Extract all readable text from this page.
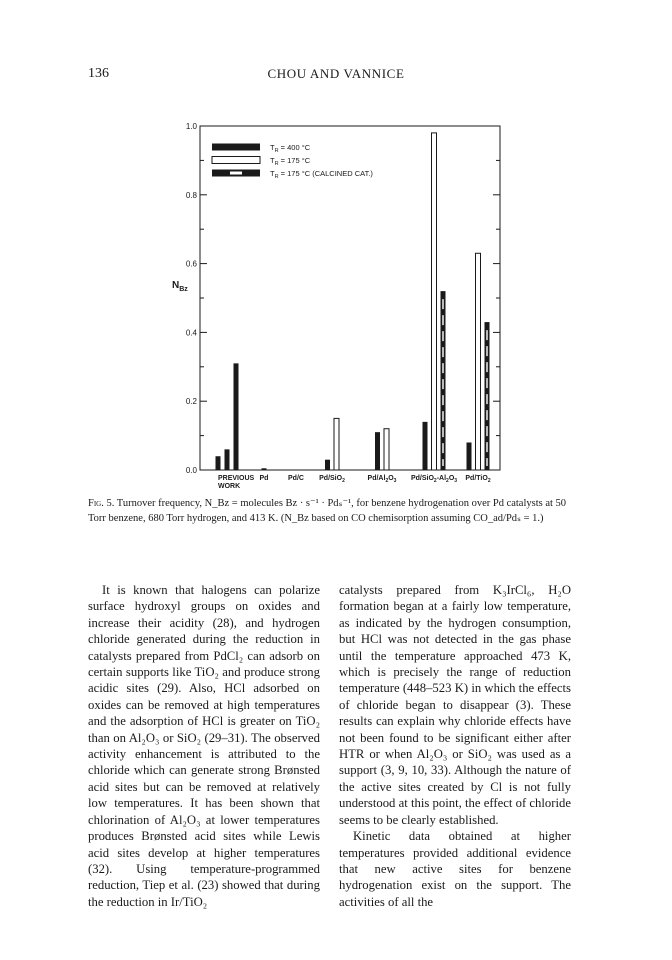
136	CHOU AND VANNICE
1.0
0.8
0.6
0.4
0.2
0.0
$N_{Bz}$
$T_R = 400$ °C
$T_R = 175$ °C
$T_R = 175$ °C (CALCINED CAT.)
PREVIOUS
WORK
Pd	Pd/C Pd/SiO$_2$	$Pd/Al_2O_3$ $Pd/SiO_2-Al_2O_3$ Pd/TiO$_2$
Fig. 5. Turnover frequency, N_Bz = molecules Bz · s⁻¹ · Pdₛ⁻¹, for benzene hydrogenation over Pd catalysts at 50 Torr benzene, 680 Torr hydrogen, and 413 K. (N_Bz based on CO chemisorption assuming CO_ad/Pdₛ = 1.)

It is known that halogens can polarize surface hydroxyl groups on oxides and increase their acidity (28), and hydrogen chloride generated during the reduction in catalysts prepared from PdCl₂ can adsorb on certain supports like TiO₂ and produce strong acidic sites (29). Also, HCl adsorbed on oxides can be removed at high temperatures and the adsorption of HCl is greater on TiO₂ than on Al₂O₃ or SiO₂ (29–31). The observed activity enhancement is attributed to the chloride which can generate strong Brønsted acid sites but can be removed at relatively low temperatures. It has been shown that chlorination of Al₂O₃ at lower temperatures produces Brønsted acid sites while Lewis acid sites develop at higher temperatures (32). Using temperature-programmed reduction, Tiep et al. (23) showed that during the reduction in Ir/TiO₂

catalysts prepared from K₃IrCl₆, H₂O formation began at a fairly low temperature, as indicated by the hydrogen consumption, but HCl was not detected in the gas phase until the temperature approached 473 K, which is precisely the range of reduction temperature (448–523 K) in which the effects of chloride began to disappear (3). These results can explain why chloride effects have not been found to be significant either after HTR or when Al₂O₃ or SiO₂ was used as a support (3, 9, 10, 33). Although the nature of the active sites created by Cl is not fully understood at this point, the effect of chloride seems to be clearly established.

Kinetic data obtained at higher temperatures provided additional evidence that new active sites for benzene hydrogenation exist on the support. The activities of all the
